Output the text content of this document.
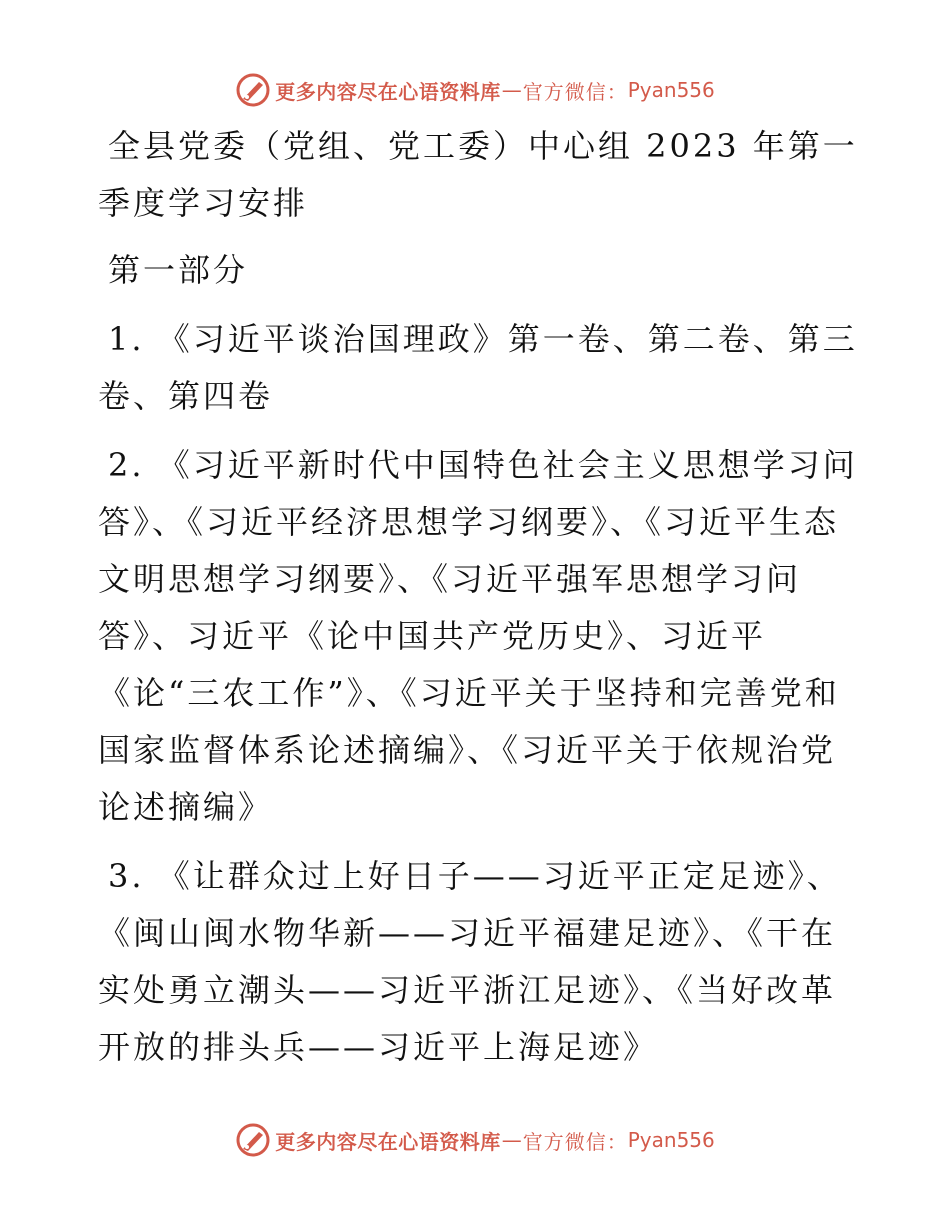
更多内容尽在心语资料库 — 官方微信： Pyan556

全县党委（党组、党工委）中心组 2023 年第一季度学习安排

第一部分

1. 《习近平谈治国理政》第一卷、第二卷、第三卷、第四卷

2. 《习近平新时代中国特色社会主义思想学习问答》、《习近平经济思想学习纲要》、《习近平生态文明思想学习纲要》、《习近平强军思想学习问答》、习近平《论中国共产党历史》、习近平《论“三农工作”》、《习近平关于坚持和完善党和国家监督体系论述摘编》、《习近平关于依规治党论述摘编》

3. 《让群众过上好日子——习近平正定足迹》、《闽山闽水物华新——习近平福建足迹》、《干在实处勇立潮头——习近平浙江足迹》、《当好改革开放的排头兵——习近平上海足迹》

更多内容尽在心语资料库 — 官方微信： Pyan556
